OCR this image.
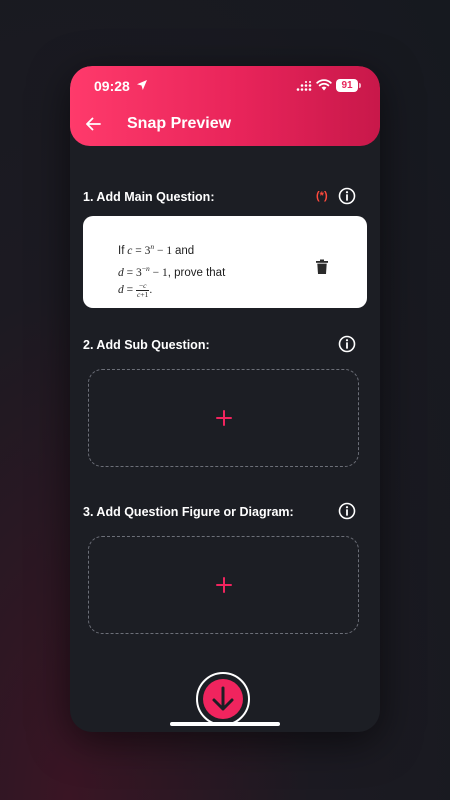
09:28	91
Snap Preview
1. Add Main Question:	(*)
If $c = 3^n - 1$ and
$d = 3^{-n} - 1$, prove that
$d = \frac{-c}{c+1}$ .
2. Add Sub Question:
3. Add Question Figure or Diagram:
